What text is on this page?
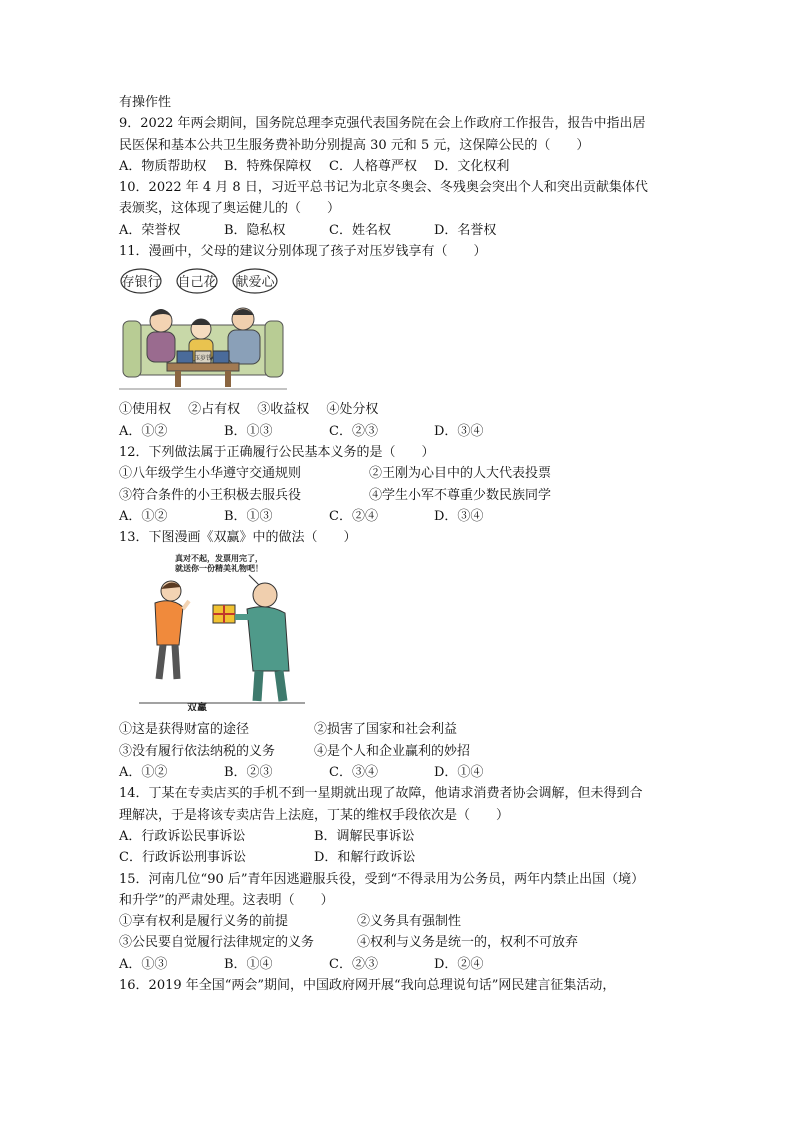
有操作性
9．2022 年两会期间，国务院总理李克强代表国务院在会上作政府工作报告，报告中指出居
民医保和基本公共卫生服务费补助分别提高 30 元和 5 元，这保障公民的（　　）
A．物质帮助权	B．特殊保障权	C．人格尊严权	D．文化权利
10．2022 年 4 月 8 日，习近平总书记为北京冬奥会、冬残奥会突出个人和突出贡献集体代
表颁奖，这体现了奥运健儿的（　　）
A．荣誉权	B．隐私权	C．姓名权	D．名誉权
11．漫画中，父母的建议分别体现了孩子对压岁钱享有（　　）
存银行 自己花 献爱心
压岁钱
①使用权　 ②占有权　 ③收益权　 ④处分权
A．①②	B．①③	C．②③	D．③④
12．下列做法属于正确履行公民基本义务的是（　　）
①八年级学生小华遵守交通规则	②王刚为心目中的人大代表投票
③符合条件的小王积极去服兵役	④学生小军不尊重少数民族同学
A．①②	B．①③	C．②④	D．③④
13．下图漫画《双赢》中的做法（　　）
真对不起，发票用完了，
就送你一份精美礼物吧！
双赢
①这是获得财富的途径	②损害了国家和社会利益
③没有履行依法纳税的义务	④是个人和企业赢利的妙招
A．①②	B．②③	C．③④	D．①④
14．丁某在专卖店买的手机不到一星期就出现了故障，他请求消费者协会调解，但未得到合
理解决，于是将该专卖店告上法庭，丁某的维权手段依次是（　　）
A．行政诉讼民事诉讼	B．调解民事诉讼
C．行政诉讼刑事诉讼	D．和解行政诉讼
15．河南几位“90 后”青年因逃避服兵役，受到“不得录用为公务员，两年内禁止出国（境）
和升学”的严肃处理。这表明（　　）
①享有权利是履行义务的前提	②义务具有强制性
③公民要自觉履行法律规定的义务	④权利与义务是统一的，权利不可放弃
A．①③	B．①④	C．②③	D．②④
16．2019 年全国“两会”期间，中国政府网开展“我向总理说句话”网民建言征集活动，
